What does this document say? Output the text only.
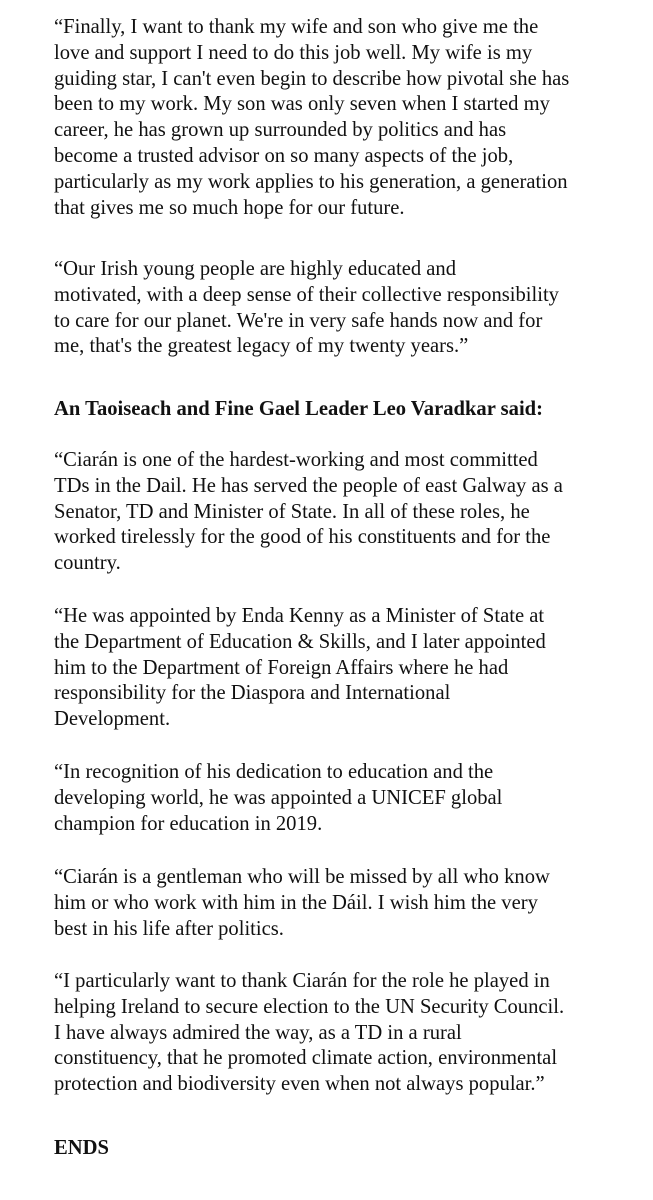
“Finally, I want to thank my wife and son who give me the
love and support I need to do this job well. My wife is my
guiding star, I can't even begin to describe how pivotal she has
been to my work. My son was only seven when I started my
career, he has grown up surrounded by politics and has
become a trusted advisor on so many aspects of the job,
particularly as my work applies to his generation, a generation
that gives me so much hope for our future.
“Our Irish young people are highly educated and
motivated, with a deep sense of their collective responsibility
to care for our planet. We're in very safe hands now and for
me, that's the greatest legacy of my twenty years.”
An Taoiseach and Fine Gael Leader Leo Varadkar said:
“Ciarán is one of the hardest-working and most committed
TDs in the Dail. He has served the people of east Galway as a
Senator, TD and Minister of State. In all of these roles, he
worked tirelessly for the good of his constituents and for the
country.
“He was appointed by Enda Kenny as a Minister of State at
the Department of Education & Skills, and I later appointed
him to the Department of Foreign Affairs where he had
responsibility for the Diaspora and International
Development.
“In recognition of his dedication to education and the
developing world, he was appointed a UNICEF global
champion for education in 2019.
“Ciarán is a gentleman who will be missed by all who know
him or who work with him in the Dáil. I wish him the very
best in his life after politics.
“I particularly want to thank Ciarán for the role he played in
helping Ireland to secure election to the UN Security Council.
I have always admired the way, as a TD in a rural
constituency, that he promoted climate action, environmental
protection and biodiversity even when not always popular.”
ENDS
